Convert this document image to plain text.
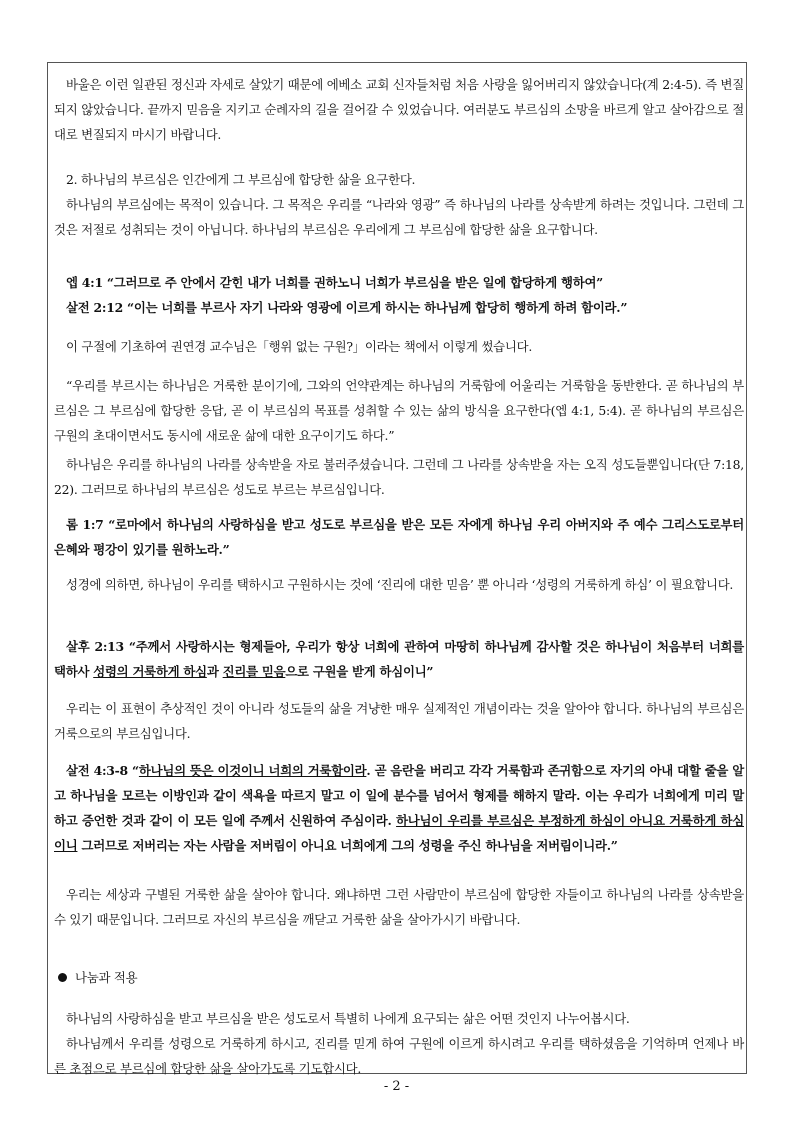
바울은 이런 일관된 정신과 자세로 살았기 때문에 에베소 교회 신자들처럼 처음 사랑을 잃어버리지 않았습니다(계 2:4-5). 즉 변질되지 않았습니다. 끝까지 믿음을 지키고 순례자의 길을 걸어갈 수 있었습니다. 여러분도 부르심의 소망을 바르게 알고 살아감으로 절대로 변질되지 마시기 바랍니다.
2. 하나님의 부르심은 인간에게 그 부르심에 합당한 삶을 요구한다.
하나님의 부르심에는 목적이 있습니다. 그 목적은 우리를 “나라와 영광” 즉 하나님의 나라를 상속받게 하려는 것입니다. 그런데 그것은 저절로 성취되는 것이 아닙니다. 하나님의 부르심은 우리에게 그 부르심에 합당한 삶을 요구합니다.
엡 4:1 “그러므로 주 안에서 갇힌 내가 너희를 권하노니 너희가 부르심을 받은 일에 합당하게 행하여”
살전 2:12 “이는 너희를 부르사 자기 나라와 영광에 이르게 하시는 하나님께 합당히 행하게 하려 함이라.”
이 구절에 기초하여 권연경 교수님은「행위 없는 구원?」이라는 책에서 이렇게 썼습니다.
“우리를 부르시는 하나님은 거룩한 분이기에, 그와의 언약관계는 하나님의 거룩함에 어울리는 거룩함을 동반한다. 곧 하나님의 부르심은 그 부르심에 합당한 응답, 곧 이 부르심의 목표를 성취할 수 있는 삶의 방식을 요구한다(엡 4:1, 5:4). 곧 하나님의 부르심은 구원의 초대이면서도 동시에 새로운 삶에 대한 요구이기도 하다.”
하나님은 우리를 하나님의 나라를 상속받을 자로 불러주셨습니다. 그런데 그 나라를 상속받을 자는 오직 성도들뿐입니다(단 7:18, 22). 그러므로 하나님의 부르심은 성도로 부르는 부르심입니다.
롬 1:7 “로마에서 하나님의 사랑하심을 받고 성도로 부르심을 받은 모든 자에게 하나님 우리 아버지와 주 예수 그리스도로부터 은혜와 평강이 있기를 원하노라.”
성경에 의하면, 하나님이 우리를 택하시고 구원하시는 것에 ‘진리에 대한 믿음’ 뿐 아니라 ‘성령의 거룩하게 하심’ 이 필요합니다.
살후 2:13 “주께서 사랑하시는 형제들아, 우리가 항상 너희에 관하여 마땅히 하나님께 감사할 것은 하나님이 처음부터 너희를 택하사 성령의 거룩하게 하심과 진리를 믿음으로 구원을 받게 하심이니”
우리는 이 표현이 추상적인 것이 아니라 성도들의 삶을 겨냥한 매우 실제적인 개념이라는 것을 알아야 합니다. 하나님의 부르심은 거룩으로의 부르심입니다.
살전 4:3-8 “하나님의 뜻은 이것이니 너희의 거룩함이라. 곧 음란을 버리고 각각 거룩함과 존귀함으로 자기의 아내 대할 줄을 알고 하나님을 모르는 이방인과 같이 색욕을 따르지 말고 이 일에 분수를 넘어서 형제를 해하지 말라. 이는 우리가 너희에게 미리 말하고 증언한 것과 같이 이 모든 일에 주께서 신원하여 주심이라. 하나님이 우리를 부르심은 부정하게 하심이 아니요 거룩하게 하심이니 그러므로 저버리는 자는 사람을 저버림이 아니요 너희에게 그의 성령을 주신 하나님을 저버림이니라.”
우리는 세상과 구별된 거룩한 삶을 살아야 합니다. 왜냐하면 그런 사람만이 부르심에 합당한 자들이고 하나님의 나라를 상속받을 수 있기 때문입니다. 그러므로 자신의 부르심을 깨닫고 거룩한 삶을 살아가시기 바랍니다.
나눔과 적용
하나님의 사랑하심을 받고 부르심을 받은 성도로서 특별히 나에게 요구되는 삶은 어떤 것인지 나누어봅시다.
하나님께서 우리를 성령으로 거룩하게 하시고, 진리를 믿게 하여 구원에 이르게 하시려고 우리를 택하셨음을 기억하며 언제나 바른 초점으로 부르심에 합당한 삶을 살아가도록 기도합시다.
- 2 -
